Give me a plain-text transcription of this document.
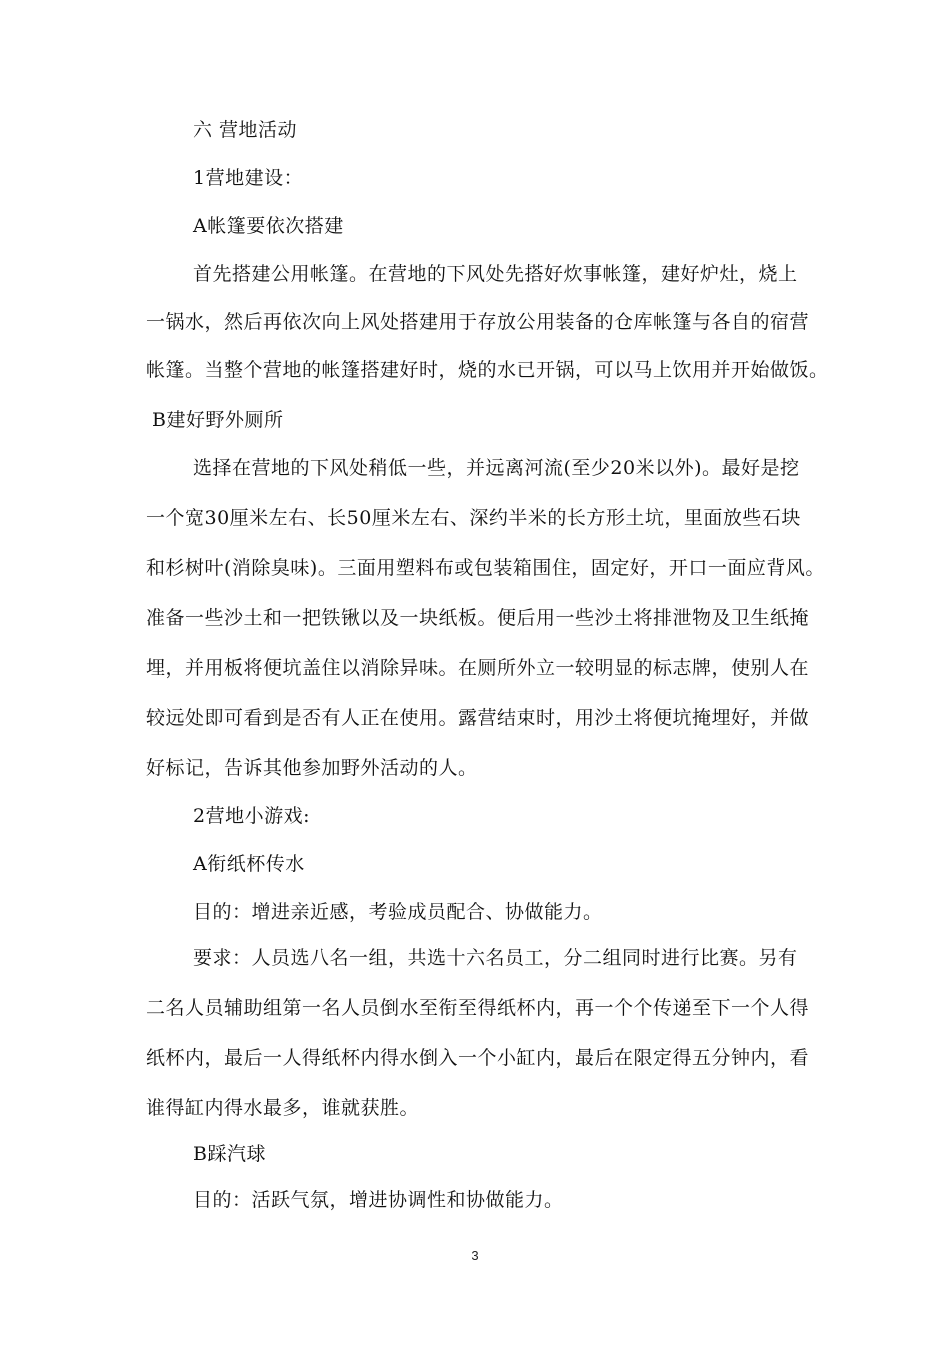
六 营地活动
1营地建设：
A帐篷要依次搭建
首先搭建公用帐篷。在营地的下风处先搭好炊事帐篷，建好炉灶，烧上
一锅水，然后再依次向上风处搭建用于存放公用装备的仓库帐篷与各自的宿营
帐篷。当整个营地的帐篷搭建好时，烧的水已开锅，可以马上饮用并开始做饭。
B建好野外厕所
选择在营地的下风处稍低一些，并远离河流(至少20米以外)。最好是挖
一个宽30厘米左右、长50厘米左右、深约半米的长方形土坑，里面放些石块
和杉树叶(消除臭味)。三面用塑料布或包装箱围住，固定好，开口一面应背风。
准备一些沙土和一把铁锹以及一块纸板。便后用一些沙土将排泄物及卫生纸掩
埋，并用板将便坑盖住以消除异味。在厕所外立一较明显的标志牌，使别人在
较远处即可看到是否有人正在使用。露营结束时，用沙土将便坑掩埋好，并做
好标记，告诉其他参加野外活动的人。
2营地小游戏:
A衔纸杯传水
目的：增进亲近感，考验成员配合、协做能力。
要求：人员选八名一组，共选十六名员工，分二组同时进行比赛。另有
二名人员辅助组第一名人员倒水至衔至得纸杯内，再一个个传递至下一个人得
纸杯内，最后一人得纸杯内得水倒入一个小缸内，最后在限定得五分钟内，看
谁得缸内得水最多，谁就获胜。
B踩汽球
目的：活跃气氛，增进协调性和协做能力。
3
